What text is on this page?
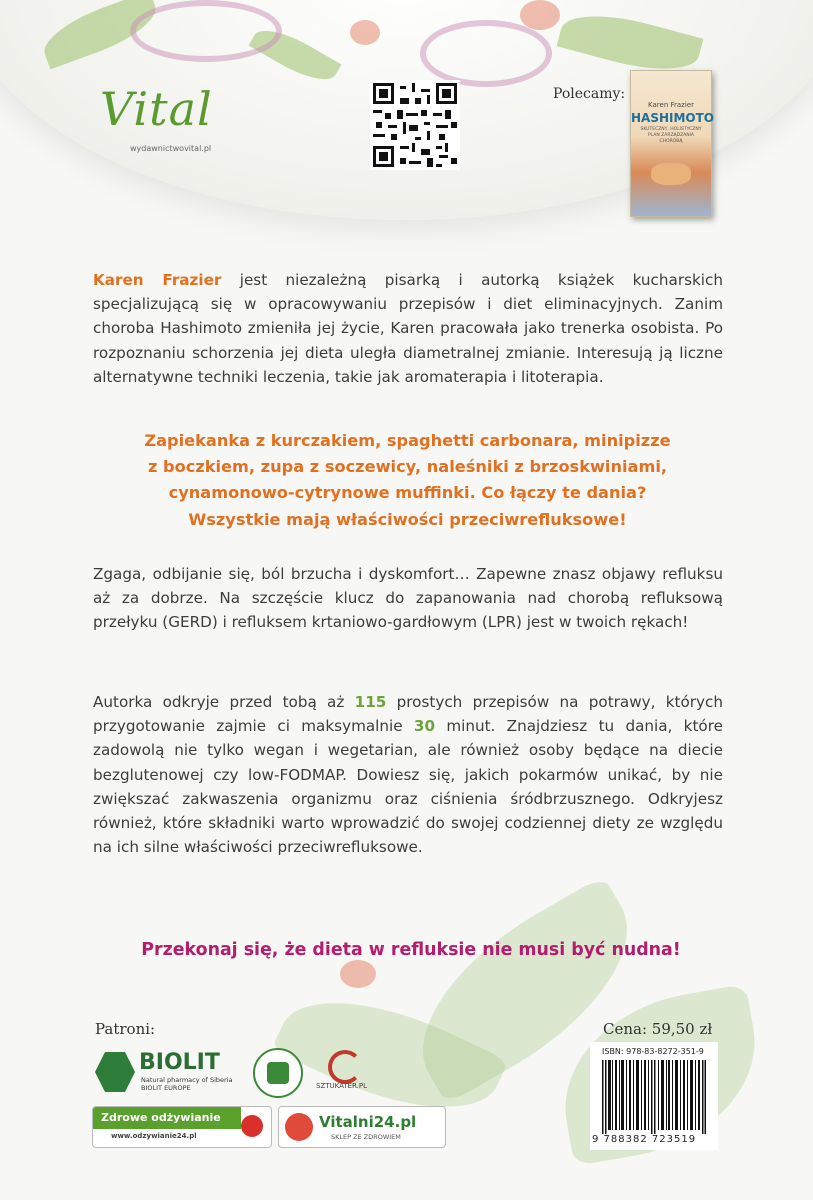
Vital
wydawnictwovital.pl
Polecamy:
Karen Frazier
HASHIMOTO
SKUTECZNY, HOLISTYCZNY PLAN ZARZĄDZANIA CHOROBĄ
Karen Frazier jest niezależną pisarką i autorką książek kucharskich specjalizującą się w opracowywaniu przepisów i diet eliminacyjnych. Zanim choroba Hashimoto zmieniła jej życie, Karen pracowała jako trenerka osobista. Po rozpoznaniu schorzenia jej dieta uległa diametralnej zmianie. Interesują ją liczne alternatywne techniki leczenia, takie jak aromaterapia i litoterapia.
Zapiekanka z kurczakiem, spaghetti carbonara, minipizze
z boczkiem, zupa z soczewicy, naleśniki z brzoskwiniami,
cynamonowo-cytrynowe muffinki. Co łączy te dania?
Wszystkie mają właściwości przeciwrefluksowe!
Zgaga, odbijanie się, ból brzucha i dyskomfort… Zapewne znasz objawy refluksu aż za dobrze. Na szczęście klucz do zapanowania nad chorobą refluksową przełyku (GERD) i refluksem krtaniowo-gardłowym (LPR) jest w twoich rękach!
Autorka odkryje przed tobą aż 115 prostych przepisów na potrawy, których przygotowanie zajmie ci maksymalnie 30 minut. Znajdziesz tu dania, które zadowolą nie tylko wegan i wegetarian, ale również osoby będące na diecie bezglutenowej czy low-FODMAP. Dowiesz się, jakich pokarmów unikać, by nie zwiększać zakwaszenia organizmu oraz ciśnienia śródbrzusznego. Odkryjesz również, które składniki warto wprowadzić do swojej codziennej diety ze względu na ich silne właściwości przeciwrefluksowe.
Przekonaj się, że dieta w refluksie nie musi być nudna!
Patroni:	Cena: 59,50 zł
BIOLIT
Natural pharmacy of Siberia
BIOLIT EUROPE	SZTUKATER.PL
Zdrowe odżywianie
www.odzywianie24.pl
Vitalni24.pl
SKLEP ZE ZDROWIEM
ISBN: 978-83-8272-351-9
9 788382 723519
